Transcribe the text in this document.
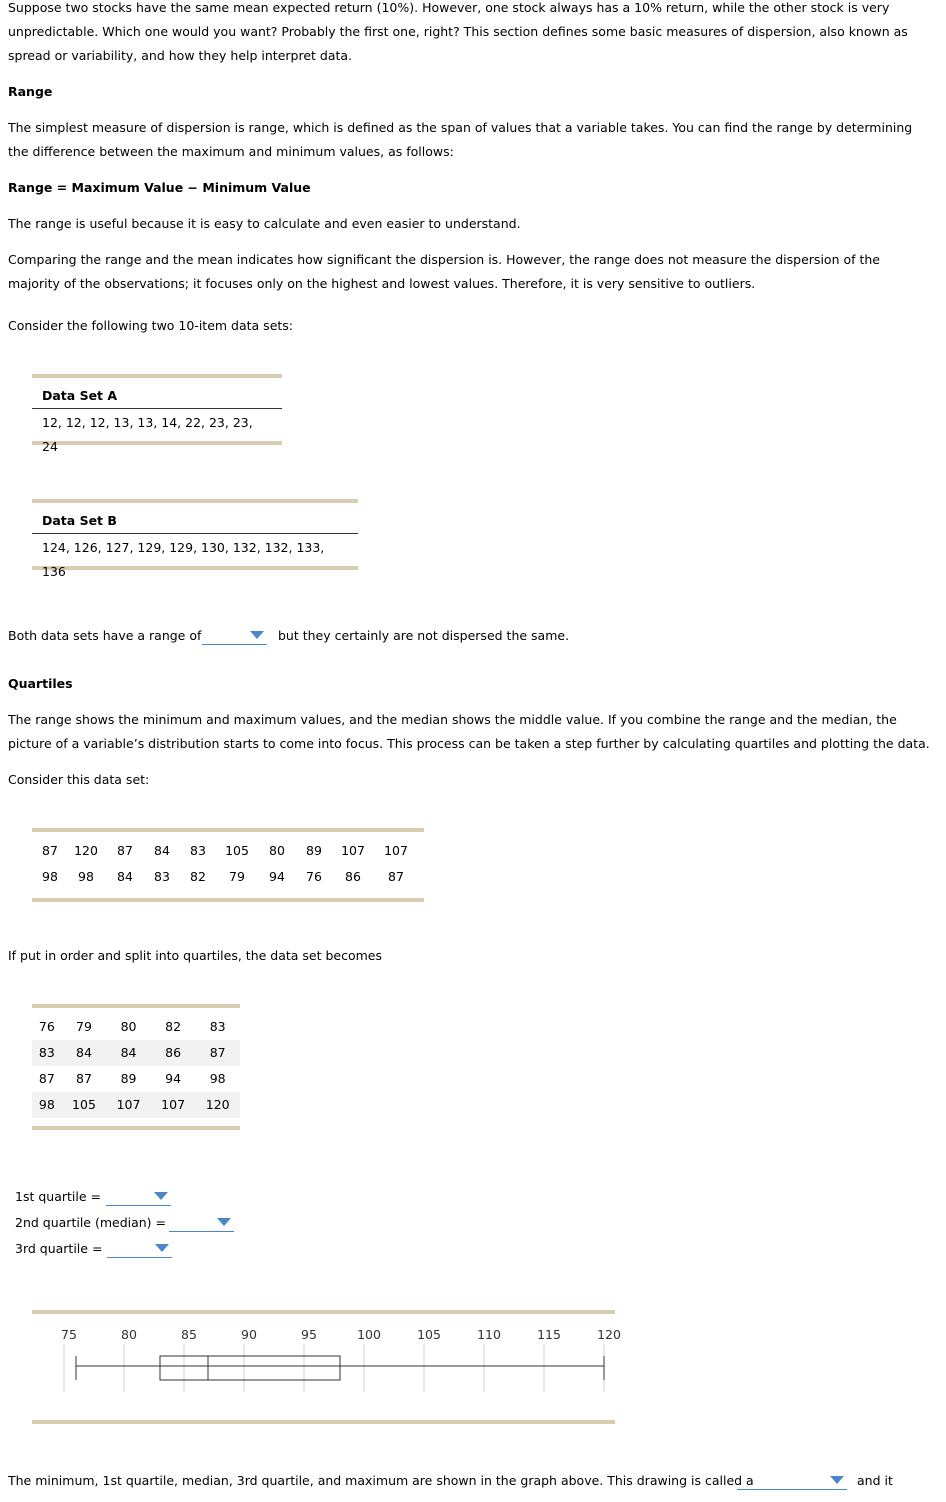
Suppose two stocks have the same mean expected return (10%). However, one stock always has a 10% return, while the other stock is very unpredictable. Which one would you want? Probably the first one, right? This section defines some basic measures of dispersion, also known as spread or variability, and how they help interpret data.

Range

The simplest measure of dispersion is range, which is defined as the span of values that a variable takes. You can find the range by determining the difference between the maximum and minimum values, as follows:

Range = Maximum Value − Minimum Value

The range is useful because it is easy to calculate and even easier to understand.

Comparing the range and the mean indicates how significant the dispersion is. However, the range does not measure the dispersion of the majority of the observations; it focuses only on the highest and lowest values. Therefore, it is very sensitive to outliers.

Consider the following two 10-item data sets:

Data Set A
12, 12, 12, 13, 13, 14, 22, 23, 23, 24
Data Set B
124, 126, 127, 129, 129, 130, 132, 132, 133, 136
Both data sets have a range of	but they certainly are not dispersed the same.

Quartiles

The range shows the minimum and maximum values, and the median shows the middle value. If you combine the range and the median, the picture of a variable’s distribution starts to come into focus. This process can be taken a step further by calculating quartiles and plotting the data.

Consider this data set:

87	120	87	84	83	105	80	89	107	107
98	98	84	83	82	79	94	76	86	87

If put in order and split into quartiles, the data set becomes

76	79	80	82	83
83	84	84	86	87
87	87	89	94	98
98	105	107	107	120
1st quartile =
2nd quartile (median) =
3rd quartile =
75	80	85	90	95	100	105	110	115	120
The minimum, 1st quartile, median, 3rd quartile, and maximum are shown in the graph above. This drawing is called a	and it
